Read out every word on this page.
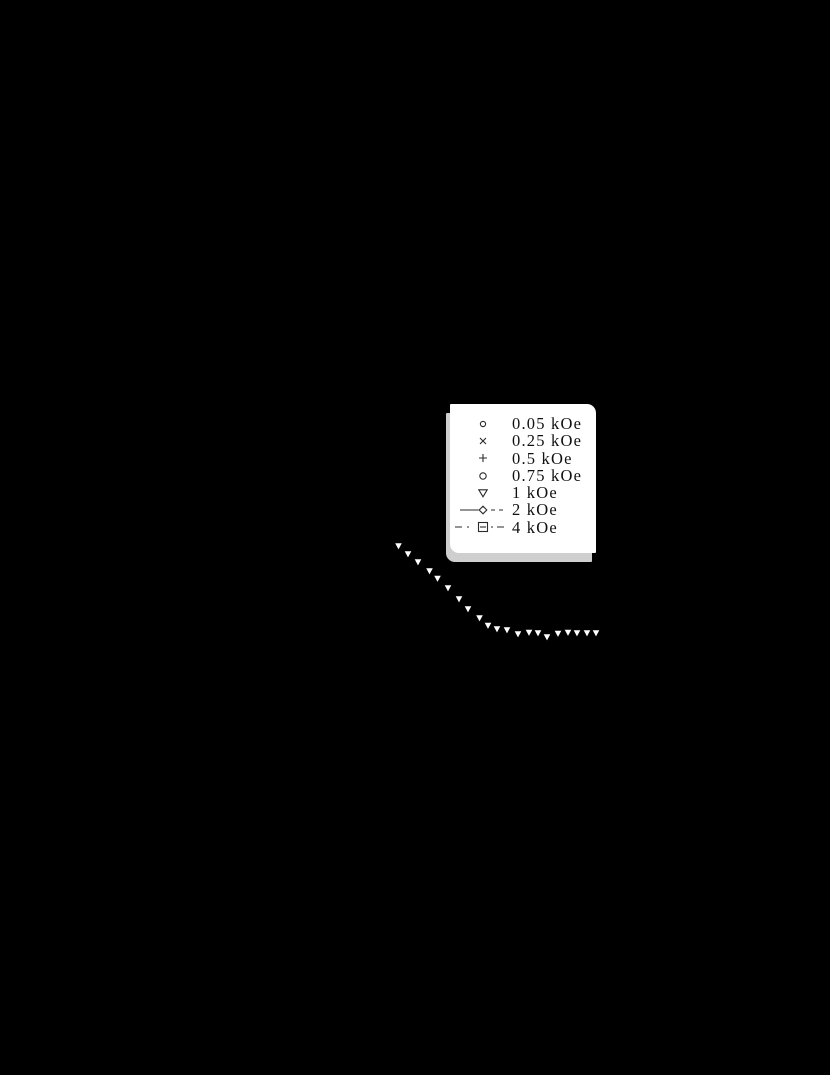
0.05 kOe
0.25 kOe
0.5 kOe
0.75 kOe
1 kOe
2 kOe
4 kOe
